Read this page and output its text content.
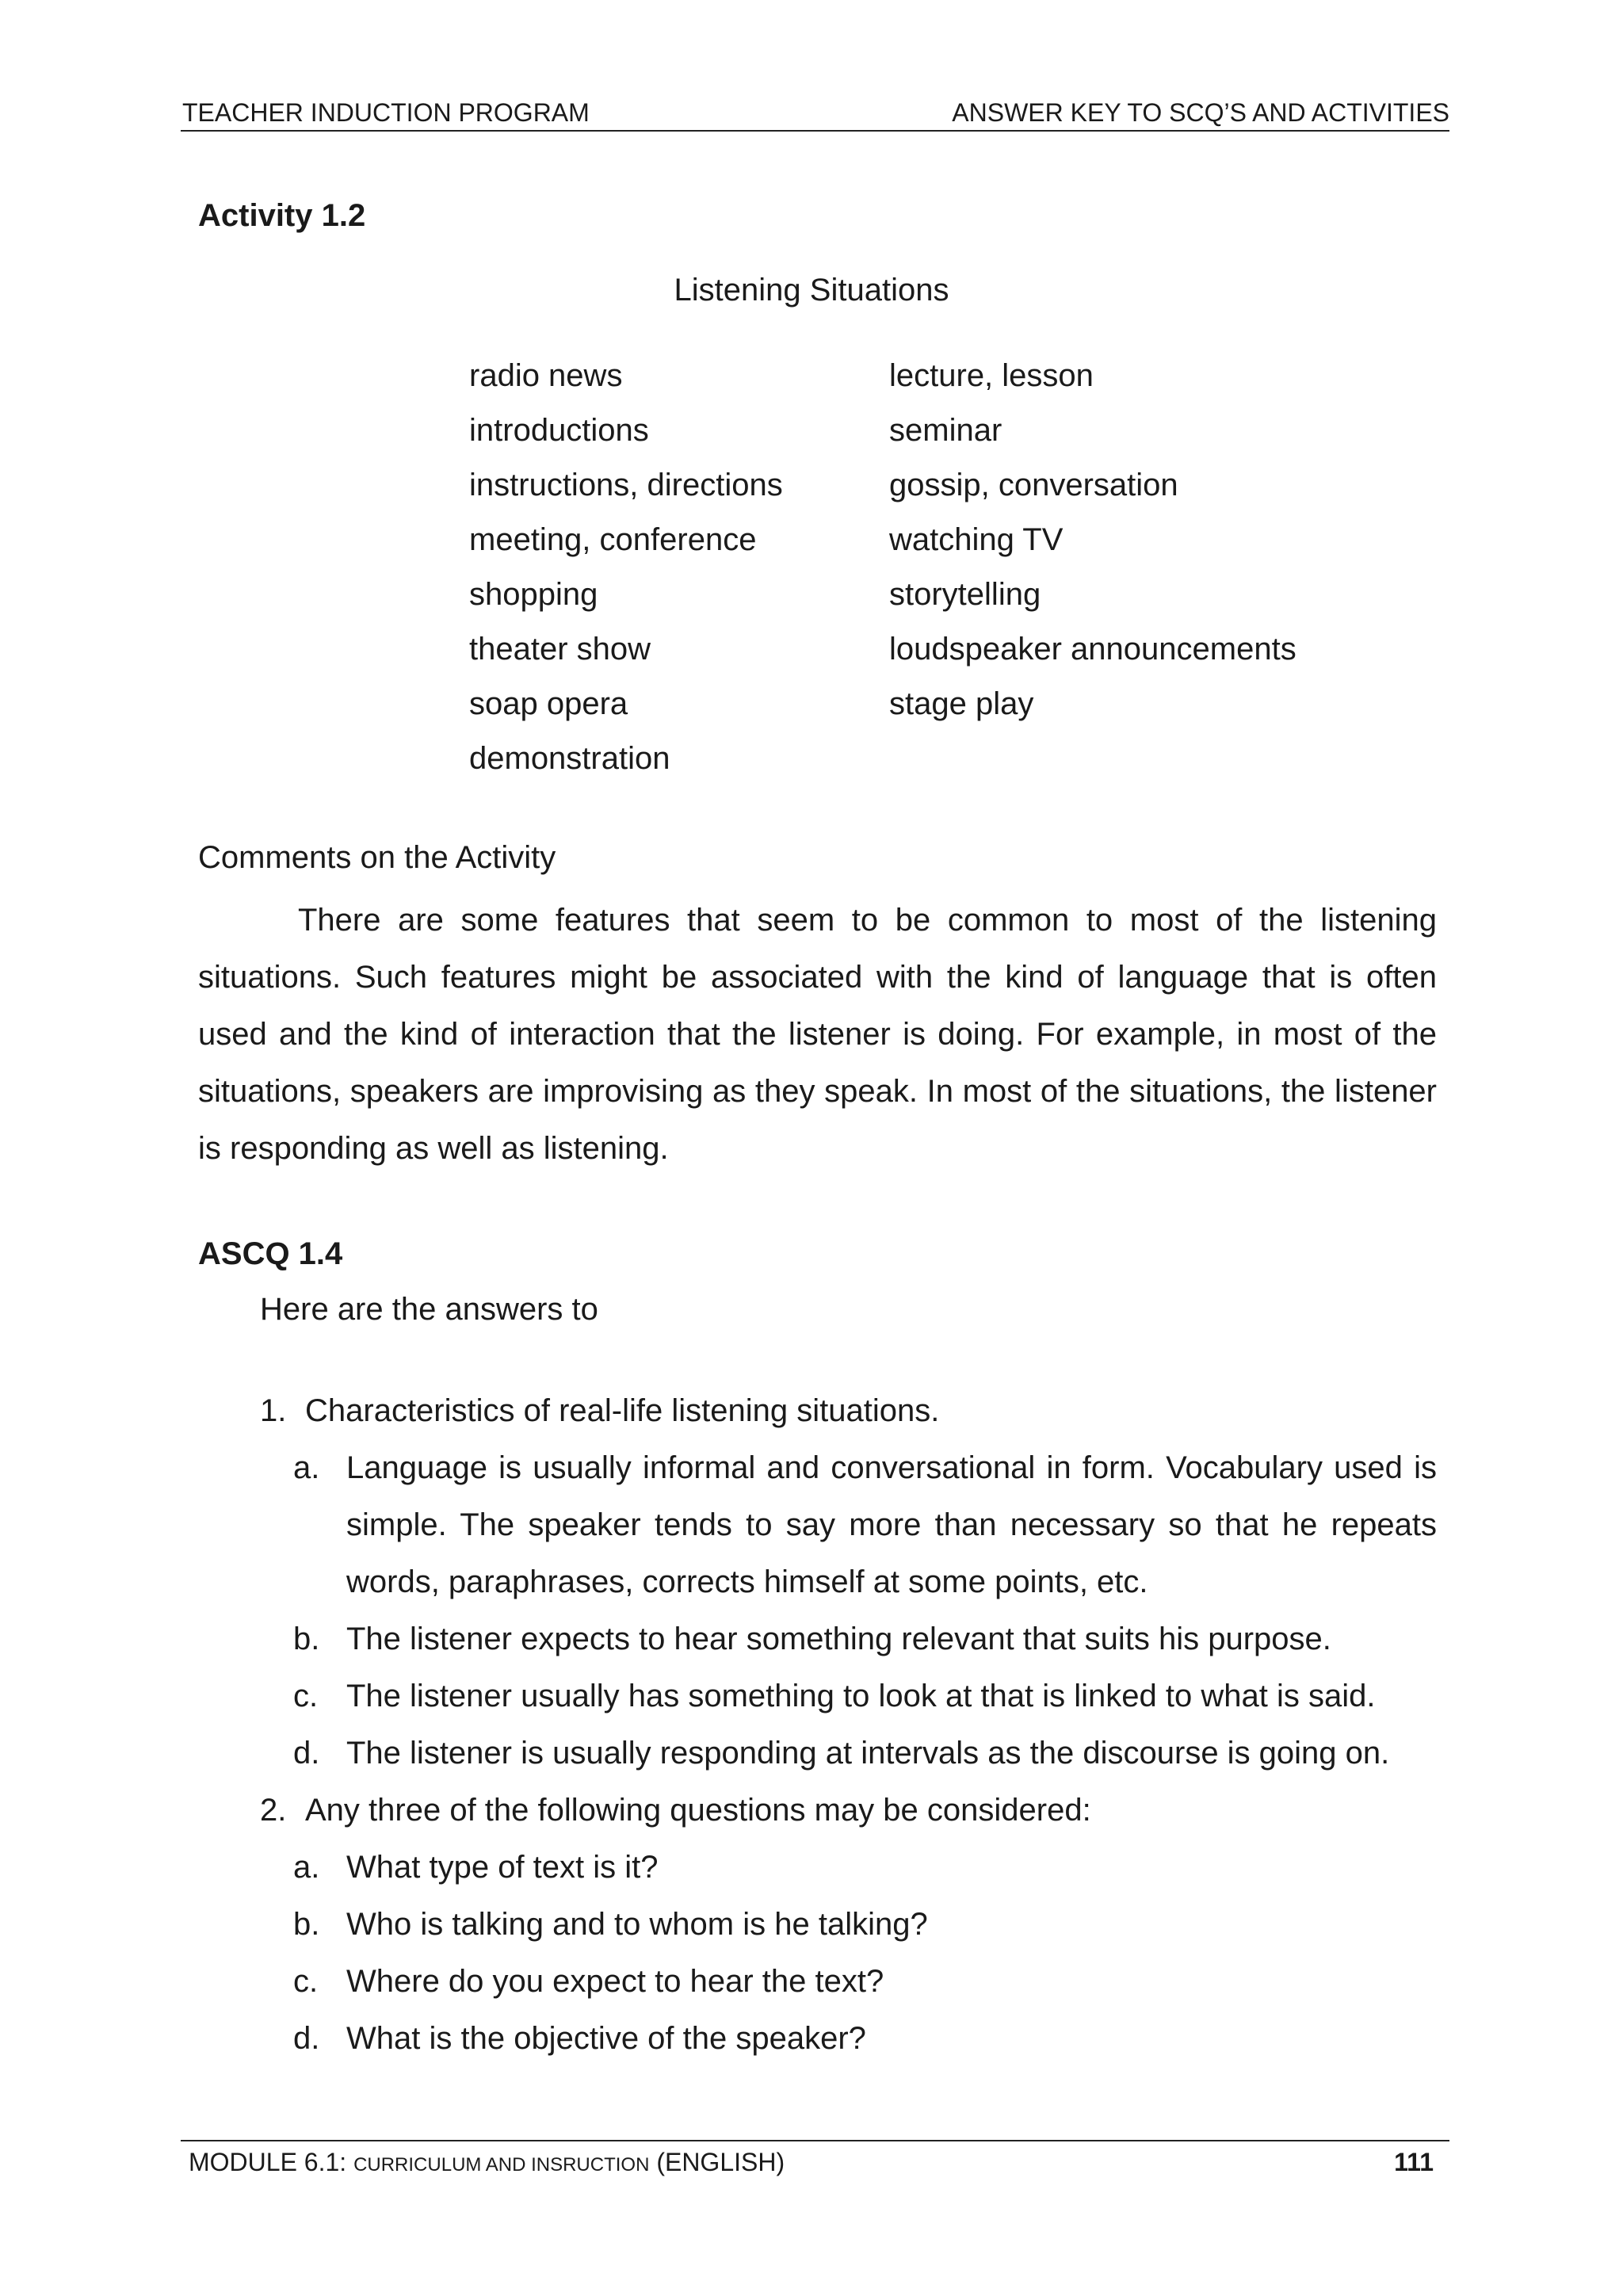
TEACHER INDUCTION PROGRAM	ANSWER KEY TO SCQ’S AND ACTIVITIES
Activity 1.2
Listening Situations
radio news
introductions
instructions, directions
meeting, conference
shopping
theater show
soap opera
demonstration
lecture, lesson
seminar
gossip, conversation
watching TV
storytelling
loudspeaker announcements
stage play
Comments on the Activity
There are some features that seem to be common to most of the listening situations. Such features might be associated with the kind of language that is often used and the kind of interaction that the listener is doing. For example, in most of the situations, speakers are improvising as they speak. In most of the situations, the listener is responding as well as listening.
ASCQ 1.4
Here are the answers to
1. Characteristics of real-life listening situations.
a. Language is usually informal and conversational in form. Vocabulary used is simple. The speaker tends to say more than necessary so that he repeats words, paraphrases, corrects himself at some points, etc.
b. The listener expects to hear something relevant that suits his purpose.
c. The listener usually has something to look at that is linked to what is said.
d. The listener is usually responding at intervals as the discourse is going on.
2. Any three of the following questions may be considered:
a. What type of text is it?
b. Who is talking and to whom is he talking?
c. Where do you expect to hear the text?
d. What is the objective of the speaker?
MODULE 6.1: CURRICULUM AND INSRUCTION (ENGLISH)	111
